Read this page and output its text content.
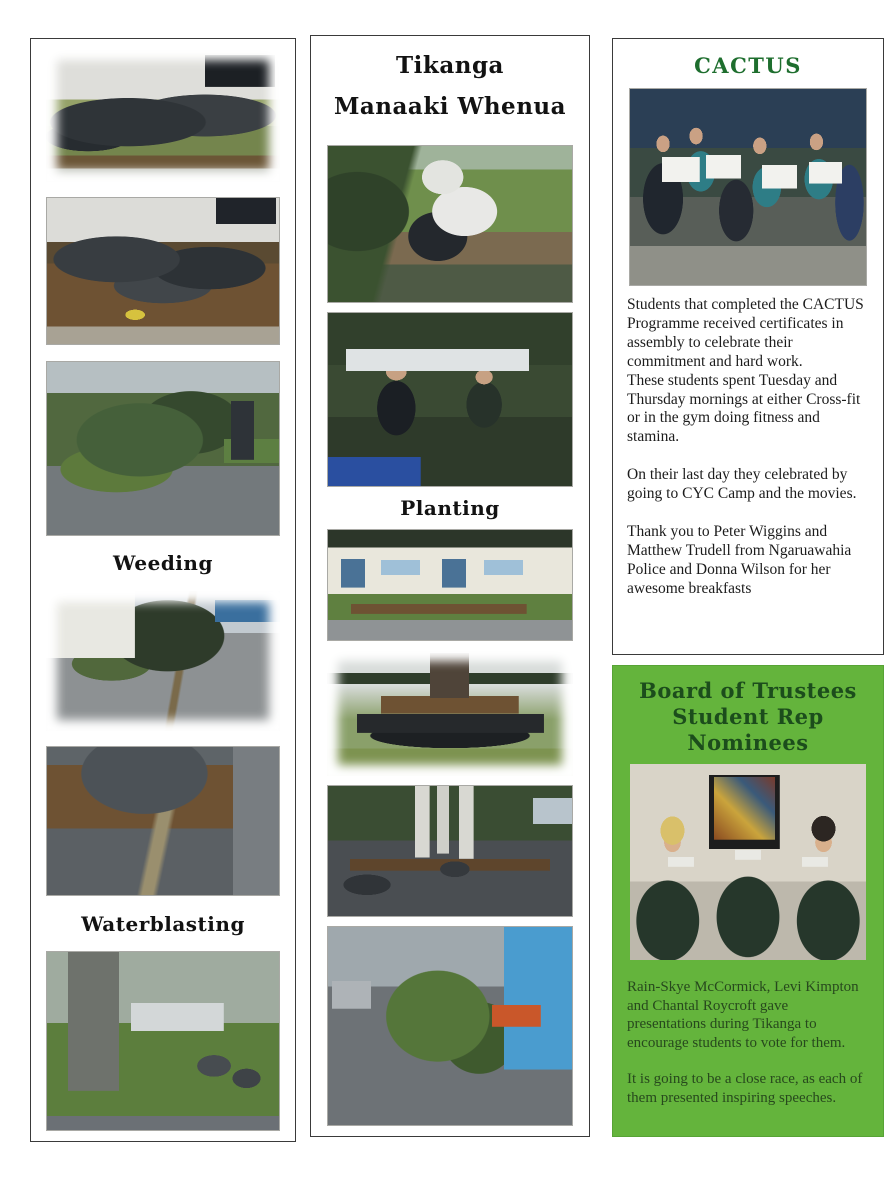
Weeding
Waterblasting
Tikanga
Manaaki Whenua
Planting
CACTUS

Students that completed the CACTUS Programme received certificates in assembly to celebrate their commitment and hard work.

These students spent Tuesday and Thursday mornings at either Cross-fit or in the gym doing fitness and stamina.

On their last day they celebrated by going to CYC Camp and the movies.

Thank you to Peter Wiggins and Matthew Trudell from Ngaruawahia Police and Donna Wilson for her awesome breakfasts

Board of Trustees
Student Rep
Nominees

Rain-Skye McCormick, Levi Kimpton and Chantal Roycroft gave presentations during Tikanga to encourage students to vote for them.

It is going to be a close race, as each of them presented inspiring speeches.
